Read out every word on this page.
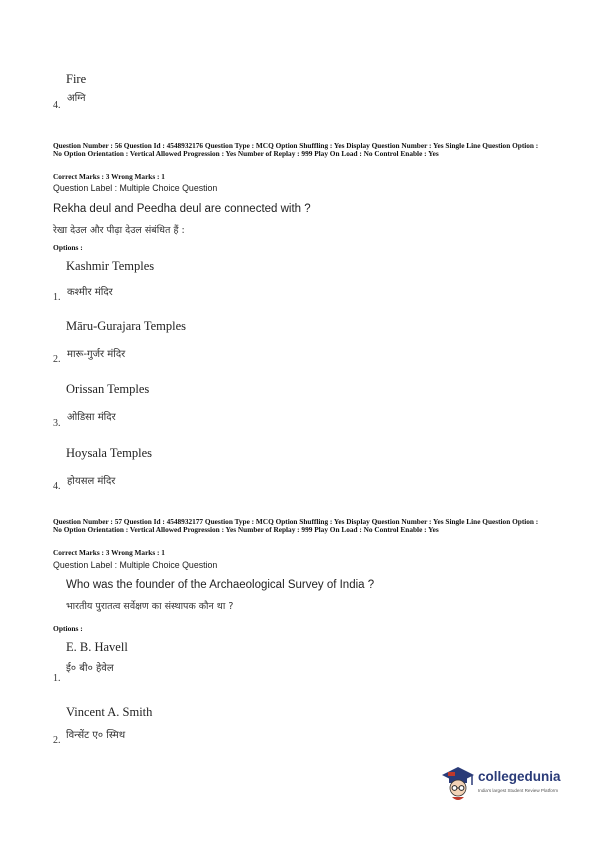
Fire
अग्नि
4.
Question Number : 56 Question Id : 4548932176 Question Type : MCQ Option Shuffling : Yes Display Question Number : Yes Single Line Question Option : No Option Orientation : Vertical Allowed Progression : Yes Number of Replay : 999 Play On Load : No Control Enable : Yes
Correct Marks : 3 Wrong Marks : 1
Question Label : Multiple Choice Question
Rekha deul and Peedha deul are connected with ?
रेखा देउल और पीढ़ा देउल संबंधित हैं :
Options :
Kashmir Temples
कश्मीर मंदिर
1.
Māru-Gurajara Temples
मारू-गुर्जर मंदिर
2.
Orissan Temples
ओडिसा मंदिर
3.
Hoysala Temples
होयसल मंदिर
4.
Question Number : 57 Question Id : 4548932177 Question Type : MCQ Option Shuffling : Yes Display Question Number : Yes Single Line Question Option : No Option Orientation : Vertical Allowed Progression : Yes Number of Replay : 999 Play On Load : No Control Enable : Yes
Correct Marks : 3 Wrong Marks : 1
Question Label : Multiple Choice Question
Who was the founder of the Archaeological Survey of India ?
भारतीय पुरातत्व सर्वेक्षण का संस्थापक कौन था ?
Options :
E. B. Havell
ई० बी० हेवेल
1.
Vincent A. Smith
विन्सेंट ए० स्मिथ
2.
collegedunia
India's largest Student Review Platform
